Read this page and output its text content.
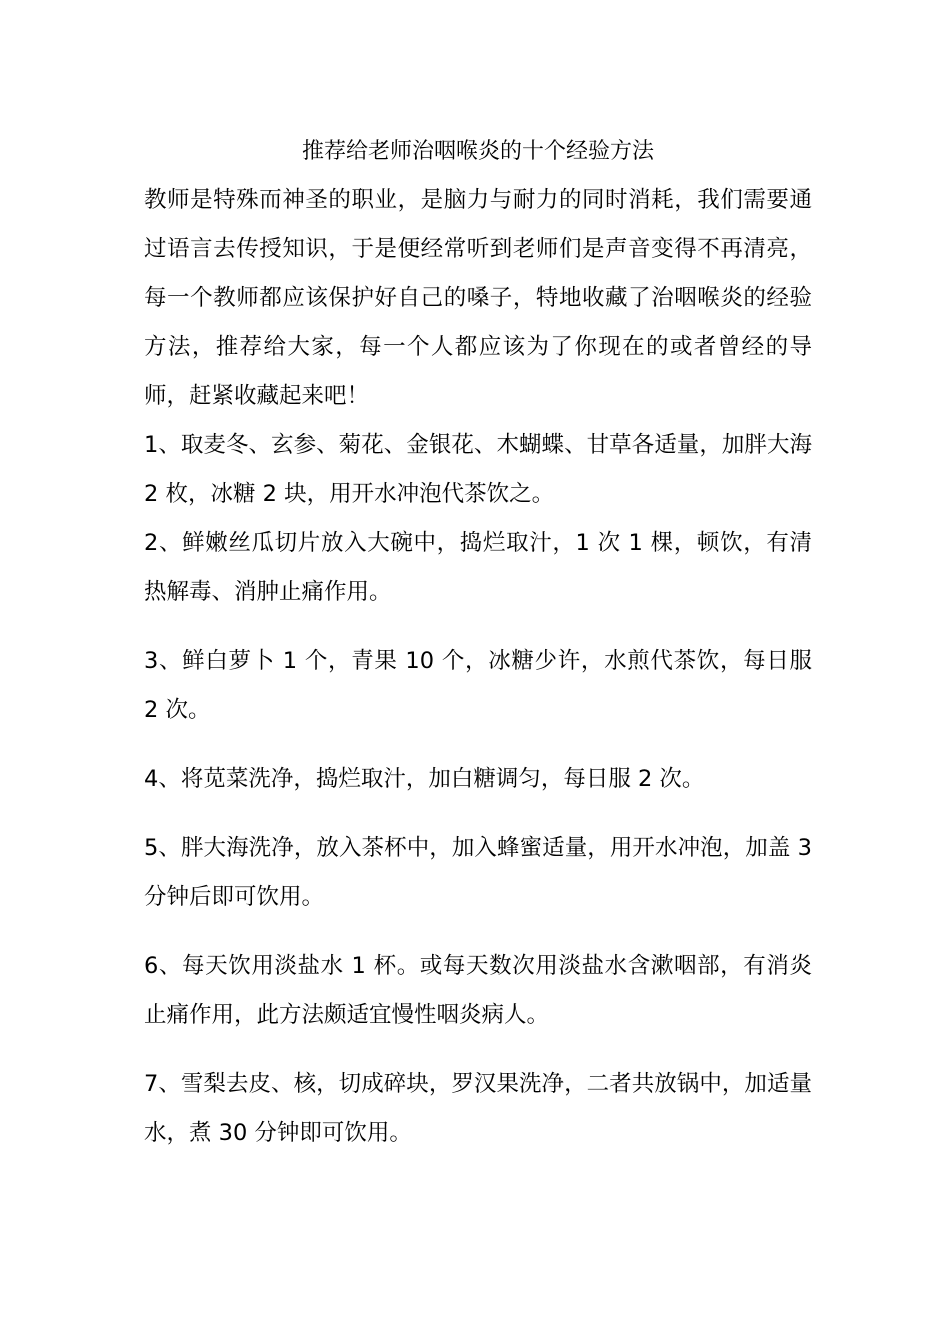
推荐给老师治咽喉炎的十个经验方法

教师是特殊而神圣的职业，是脑力与耐力的同时消耗，我们需要通过语言去传授知识，于是便经常听到老师们是声音变得不再清亮，每一个教师都应该保护好自己的嗓子，特地收藏了治咽喉炎的经验方法，推荐给大家，每一个人都应该为了你现在的或者曾经的导师，赶紧收藏起来吧！

1、取麦冬、玄参、菊花、金银花、木蝴蝶、甘草各适量，加胖大海 2 枚，冰糖 2 块，用开水冲泡代茶饮之。

2、鲜嫩丝瓜切片放入大碗中，捣烂取汁，1 次 1 棵，顿饮，有清热解毒、消肿止痛作用。

3、鲜白萝卜 1 个，青果 10 个，冰糖少许，水煎代茶饮，每日服 2 次。

4、将苋菜洗净，捣烂取汁，加白糖调匀，每日服 2 次。

5、胖大海洗净，放入茶杯中，加入蜂蜜适量，用开水冲泡，加盖 3 分钟后即可饮用。

6、每天饮用淡盐水 1 杯。或每天数次用淡盐水含漱咽部，有消炎止痛作用，此方法颇适宜慢性咽炎病人。

7、雪梨去皮、核，切成碎块，罗汉果洗净，二者共放锅中，加适量水，煮 30 分钟即可饮用。
